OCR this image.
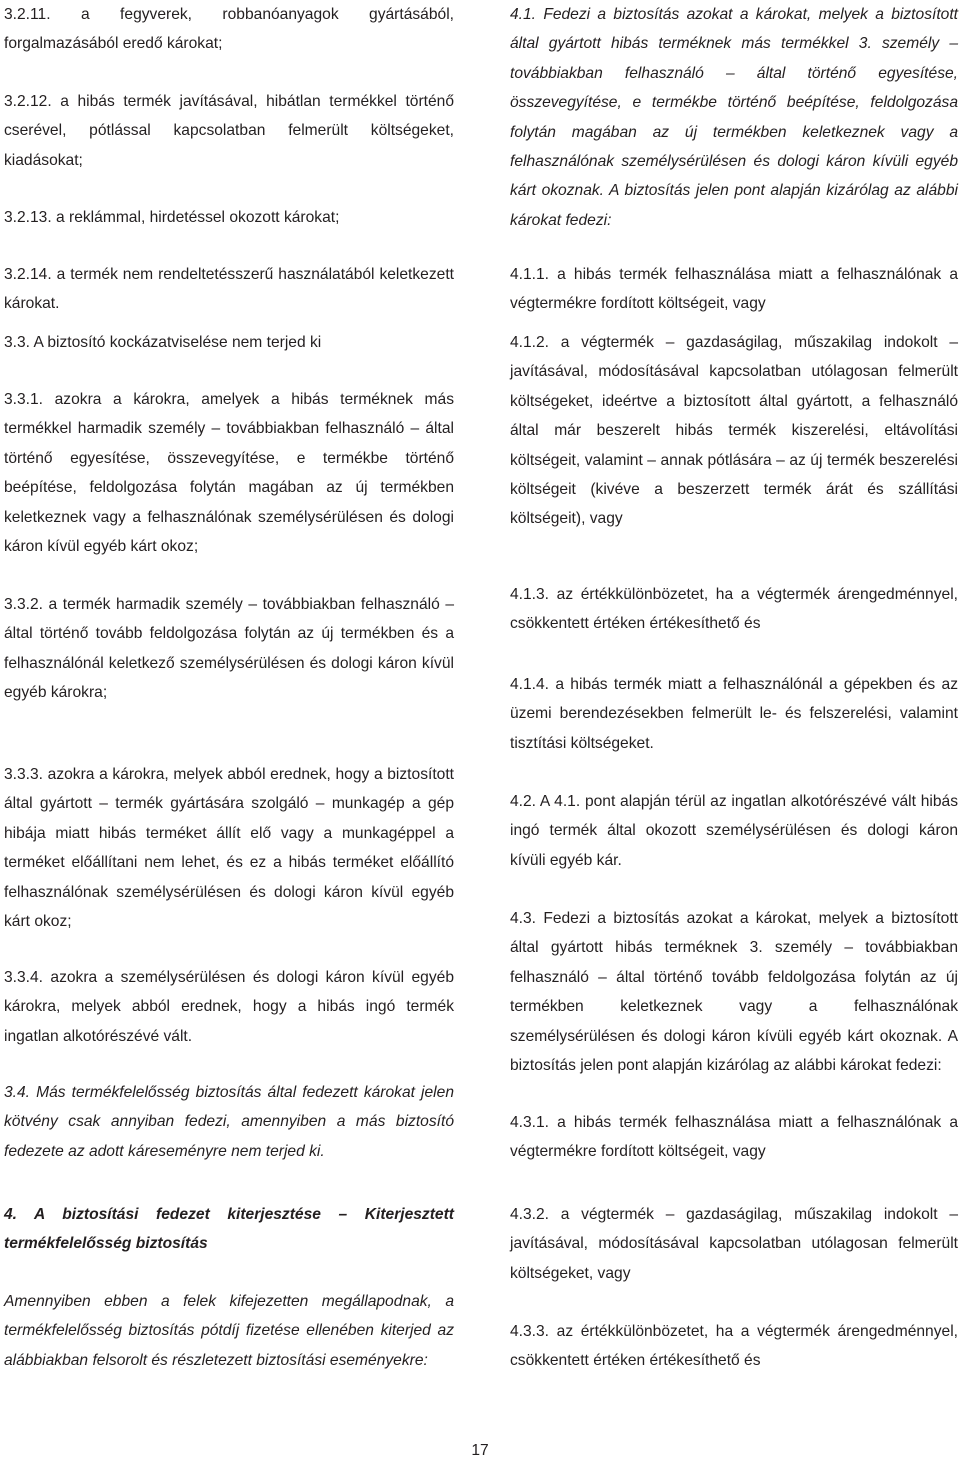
3.2.11. a fegyverek, robbanóanyagok gyártásából, forgalmazásából eredő károkat;

3.2.12. a hibás termék javításával, hibátlan termékkel történő cserével, pótlással kapcsolatban felmerült költségeket, kiadásokat;

3.2.13. a reklámmal, hirdetéssel okozott károkat;

3.2.14. a termék nem rendeltetésszerű használatából keletkezett károkat.

3.3. A biztosító kockázatviselése nem terjed ki

3.3.1. azokra a károkra, amelyek a hibás terméknek más termékkel harmadik személy – továbbiakban felhasználó – által történő egyesítése, összevegyítése, e termékbe történő beépítése, feldolgozása folytán magában az új termékben keletkeznek vagy a felhasználónak személysérülésen és dologi káron kívül egyéb kárt okoz;

3.3.2. a termék harmadik személy – továbbiakban felhasználó – által történő tovább feldolgozása folytán az új termékben és a felhasználónál keletkező személysérülésen és dologi káron kívül egyéb károkra;

3.3.3. azokra a károkra, melyek abból erednek, hogy a biztosított által gyártott – termék gyártására szolgáló – munkagép a gép hibája miatt hibás terméket állít elő vagy a munkagéppel a terméket előállítani nem lehet, és ez a hibás terméket előállító felhasználónak személysérülésen és dologi káron kívül egyéb kárt okoz;

3.3.4. azokra a személysérülésen és dologi káron kívül egyéb károkra, melyek abból erednek, hogy a hibás ingó termék ingatlan alkotórészévé vált.

3.4. Más termékfelelősség biztosítás által fedezett károkat jelen kötvény csak annyiban fedezi, amennyiben a más biztosító fedezete az adott káreseményre nem terjed ki.

4. A biztosítási fedezet kiterjesztése – Kiterjesztett termékfelelősség biztosítás

Amennyiben ebben a felek kifejezetten megállapodnak, a termékfelelősség biztosítás pótdíj fizetése ellenében kiterjed az alábbiakban felsorolt és részletezett biztosítási eseményekre:

4.1. Fedezi a biztosítás azokat a károkat, melyek a biztosított által gyártott hibás terméknek más termékkel 3. személy – továbbiakban felhasználó – által történő egyesítése, összevegyítése, e termékbe történő beépítése, feldolgozása folytán magában az új termékben keletkeznek vagy a felhasználónak személysérülésen és dologi káron kívüli egyéb kárt okoznak. A biztosítás jelen pont alapján kizárólag az alábbi károkat fedezi:

4.1.1. a hibás termék felhasználása miatt a felhasználónak a végtermékre fordított költségeit, vagy

4.1.2. a végtermék – gazdaságilag, műszakilag indokolt – javításával, módosításával kapcsolatban utólagosan felmerült költségeket, ideértve a biztosított által gyártott, a felhasználó által már beszerelt hibás termék kiszerelési, eltávolítási költségeit, valamint – annak pótlására – az új termék beszerelési költségeit (kivéve a beszerzett termék árát és szállítási költségeit), vagy

4.1.3. az értékkülönbözetet, ha a végtermék árengedménnyel, csökkentett értéken értékesíthető és

4.1.4. a hibás termék miatt a felhasználónál a gépekben és az üzemi berendezésekben felmerült le- és felszerelési, valamint tisztítási költségeket.

4.2. A 4.1. pont alapján térül az ingatlan alkotórészévé vált hibás ingó termék által okozott személysérülésen és dologi káron kívüli egyéb kár.

4.3. Fedezi a biztosítás azokat a károkat, melyek a biztosított által gyártott hibás terméknek 3. személy – továbbiakban felhasználó – által történő tovább feldolgozása folytán az új termékben keletkeznek vagy a felhasználónak személysérülésen és dologi káron kívüli egyéb kárt okoznak. A biztosítás jelen pont alapján kizárólag az alábbi károkat fedezi:

4.3.1. a hibás termék felhasználása miatt a felhasználónak a végtermékre fordított költségeit, vagy

4.3.2. a végtermék – gazdaságilag, műszakilag indokolt – javításával, módosításával kapcsolatban utólagosan felmerült költségeket, vagy

4.3.3. az értékkülönbözetet, ha a végtermék árengedménnyel, csökkentett értéken értékesíthető és

17
